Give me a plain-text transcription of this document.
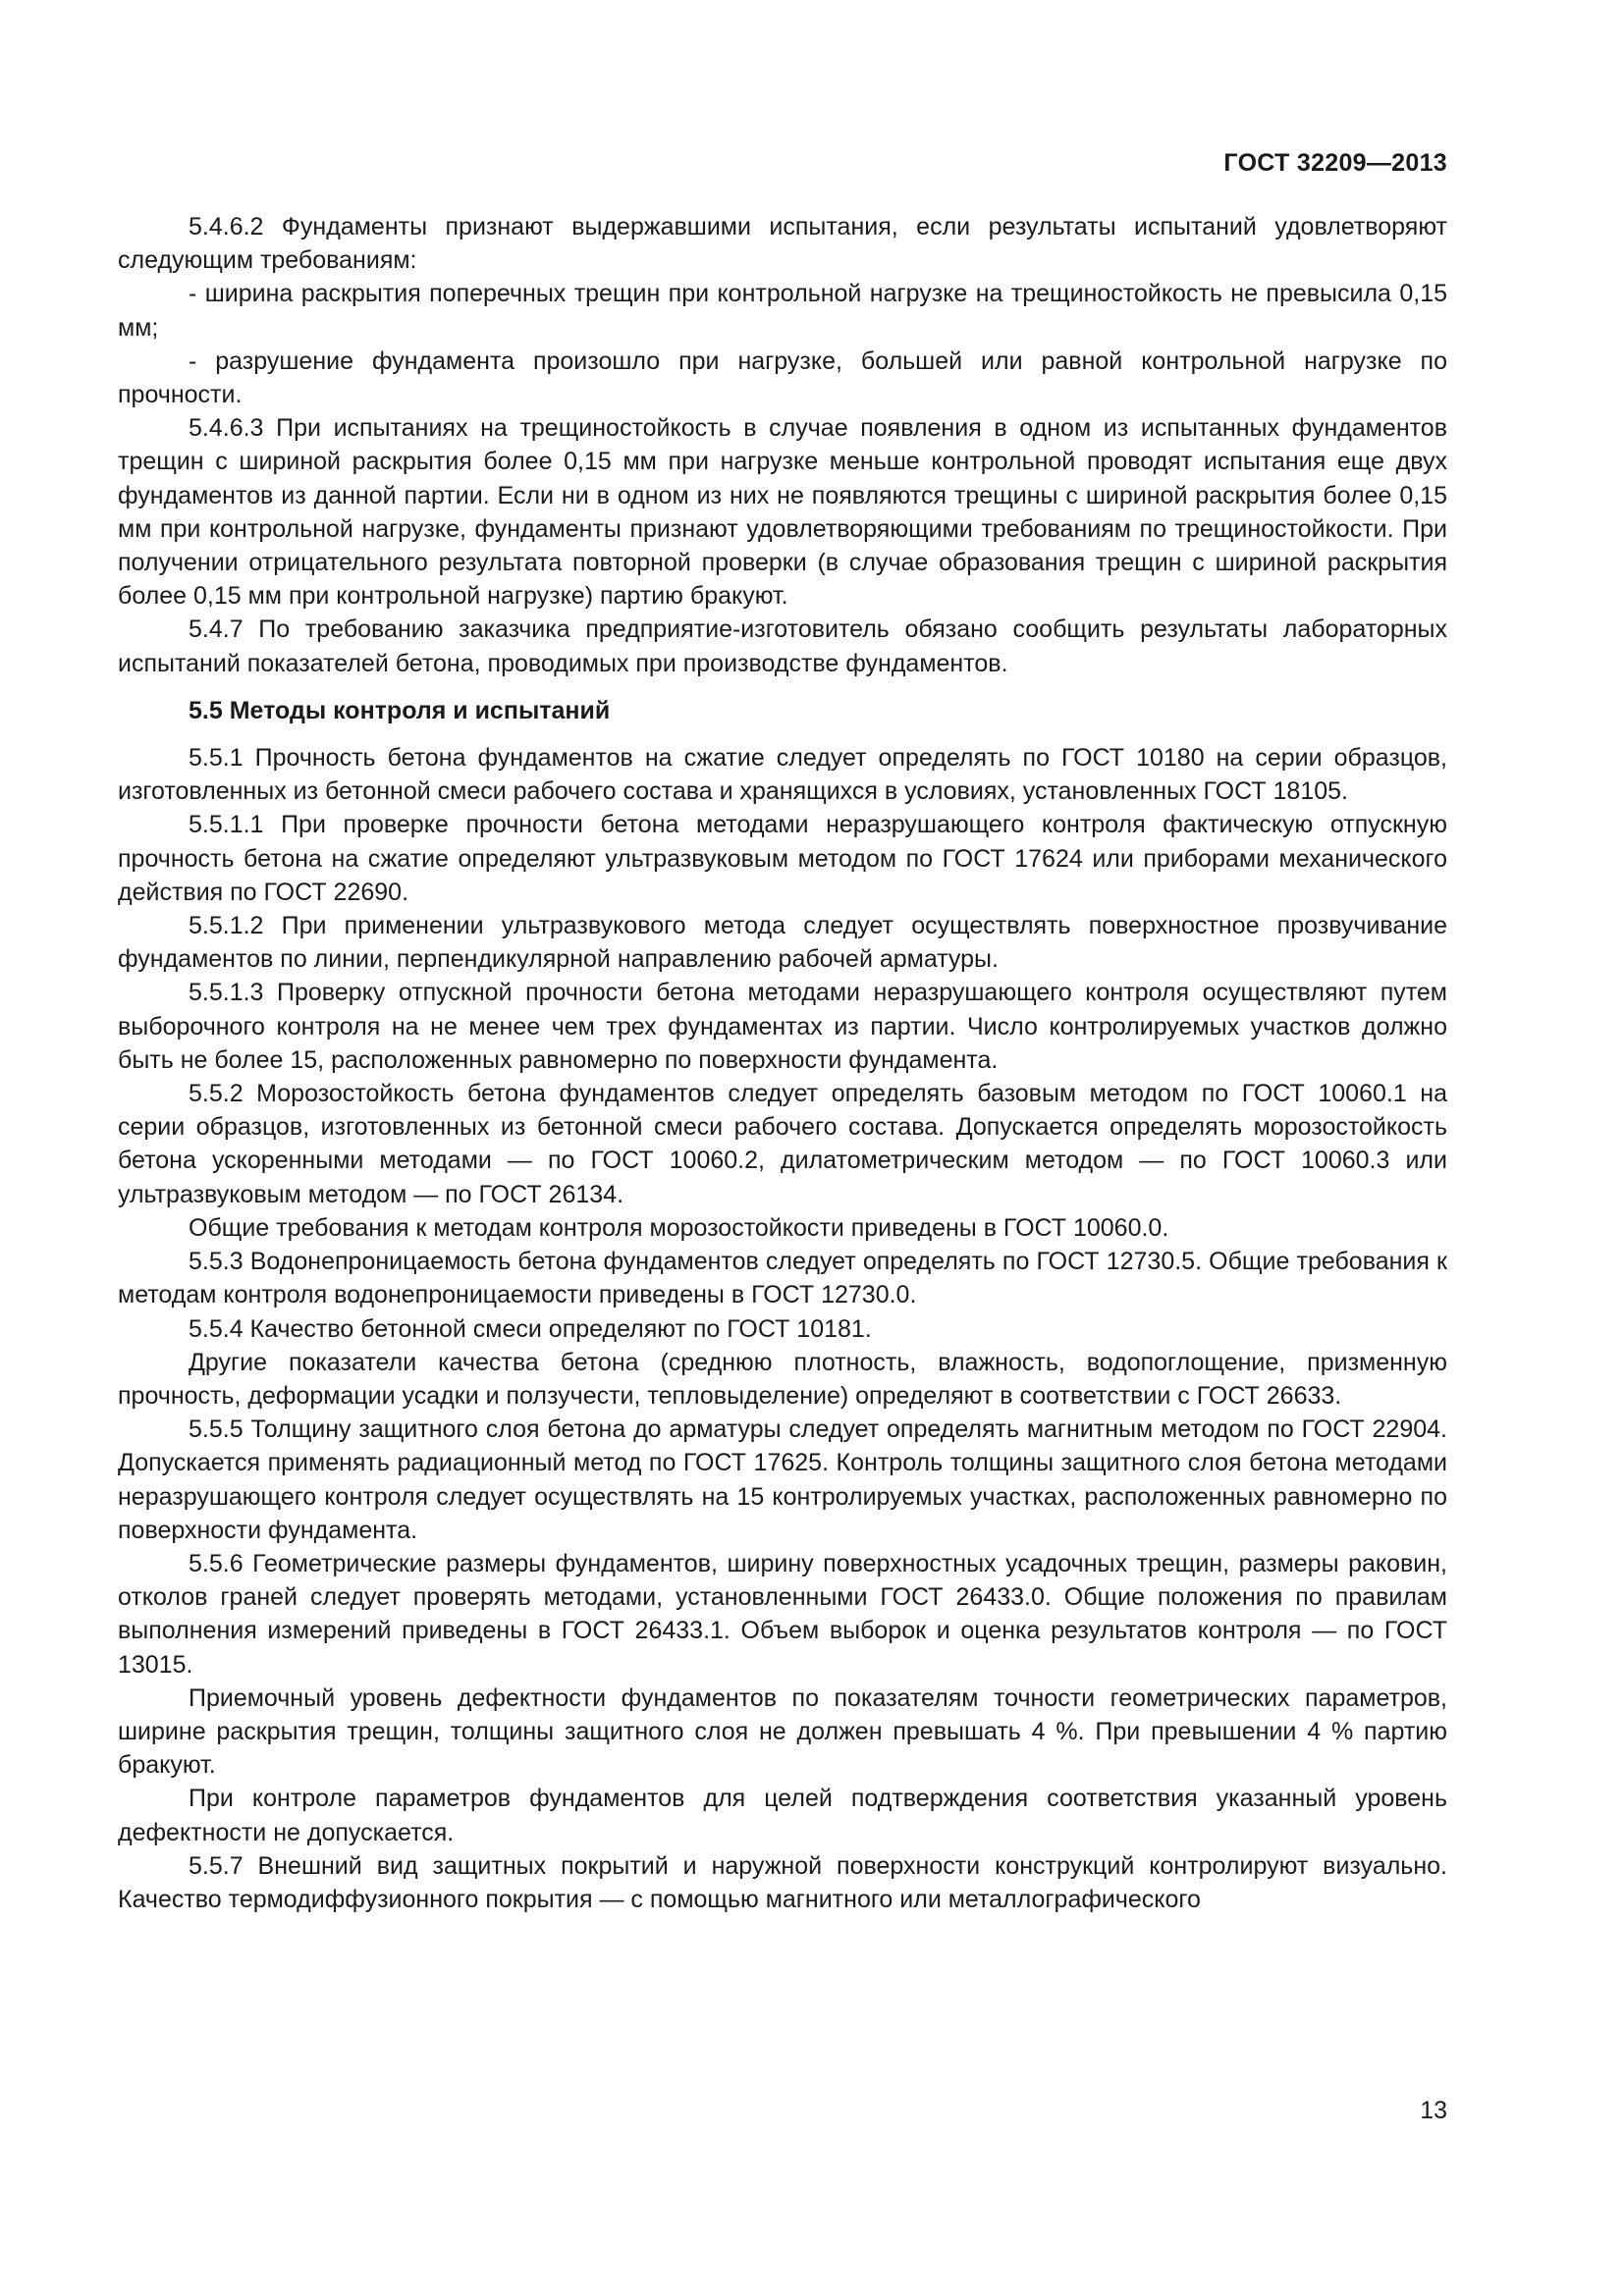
ГОСТ 32209—2013

5.4.6.2 Фундаменты признают выдержавшими испытания, если результаты испытаний удовлетворяют следующим требованиям:

- ширина раскрытия поперечных трещин при контрольной нагрузке на трещиностойкость не превысила 0,15 мм;

- разрушение фундамента произошло при нагрузке, большей или равной контрольной нагрузке по прочности.

5.4.6.3 При испытаниях на трещиностойкость в случае появления в одном из испытанных фундаментов трещин с шириной раскрытия более 0,15 мм при нагрузке меньше контрольной проводят испытания еще двух фундаментов из данной партии. Если ни в одном из них не появляются трещины с шириной раскрытия более 0,15 мм при контрольной нагрузке, фундаменты признают удовлетворяющими требованиям по трещиностойкости. При получении отрицательного результата повторной проверки (в случае образования трещин с шириной раскрытия более 0,15 мм при контрольной нагрузке) партию бракуют.

5.4.7 По требованию заказчика предприятие-изготовитель обязано сообщить результаты лабораторных испытаний показателей бетона, проводимых при производстве фундаментов.

5.5 Методы контроля и испытаний

5.5.1 Прочность бетона фундаментов на сжатие следует определять по ГОСТ 10180 на серии образцов, изготовленных из бетонной смеси рабочего состава и хранящихся в условиях, установленных ГОСТ 18105.

5.5.1.1 При проверке прочности бетона методами неразрушающего контроля фактическую отпускную прочность бетона на сжатие определяют ультразвуковым методом по ГОСТ 17624 или приборами механического действия по ГОСТ 22690.

5.5.1.2 При применении ультразвукового метода следует осуществлять поверхностное прозвучивание фундаментов по линии, перпендикулярной направлению рабочей арматуры.

5.5.1.3 Проверку отпускной прочности бетона методами неразрушающего контроля осуществляют путем выборочного контроля на не менее чем трех фундаментах из партии. Число контролируемых участков должно быть не более 15, расположенных равномерно по поверхности фундамента.

5.5.2 Морозостойкость бетона фундаментов следует определять базовым методом по ГОСТ 10060.1 на серии образцов, изготовленных из бетонной смеси рабочего состава. Допускается определять морозостойкость бетона ускоренными методами — по ГОСТ 10060.2, дилатометрическим методом — по ГОСТ 10060.3 или ультразвуковым методом — по ГОСТ 26134.

Общие требования к методам контроля морозостойкости приведены в ГОСТ 10060.0.

5.5.3 Водонепроницаемость бетона фундаментов следует определять по ГОСТ 12730.5. Общие требования к методам контроля водонепроницаемости приведены в ГОСТ 12730.0.

5.5.4 Качество бетонной смеси определяют по ГОСТ 10181.

Другие показатели качества бетона (среднюю плотность, влажность, водопоглощение, призменную прочность, деформации усадки и ползучести, тепловыделение) определяют в соответствии с ГОСТ 26633.

5.5.5 Толщину защитного слоя бетона до арматуры следует определять магнитным методом по ГОСТ 22904. Допускается применять радиационный метод по ГОСТ 17625. Контроль толщины защитного слоя бетона методами неразрушающего контроля следует осуществлять на 15 контролируемых участках, расположенных равномерно по поверхности фундамента.

5.5.6 Геометрические размеры фундаментов, ширину поверхностных усадочных трещин, размеры раковин, отколов граней следует проверять методами, установленными ГОСТ 26433.0. Общие положения по правилам выполнения измерений приведены в ГОСТ 26433.1. Объем выборок и оценка результатов контроля — по ГОСТ 13015.

Приемочный уровень дефектности фундаментов по показателям точности геометрических параметров, ширине раскрытия трещин, толщины защитного слоя не должен превышать 4 %. При превышении 4 % партию бракуют.

При контроле параметров фундаментов для целей подтверждения соответствия указанный уровень дефектности не допускается.

5.5.7 Внешний вид защитных покрытий и наружной поверхности конструкций контролируют визуально. Качество термодиффузионного покрытия — с помощью магнитного или металлографического

13
